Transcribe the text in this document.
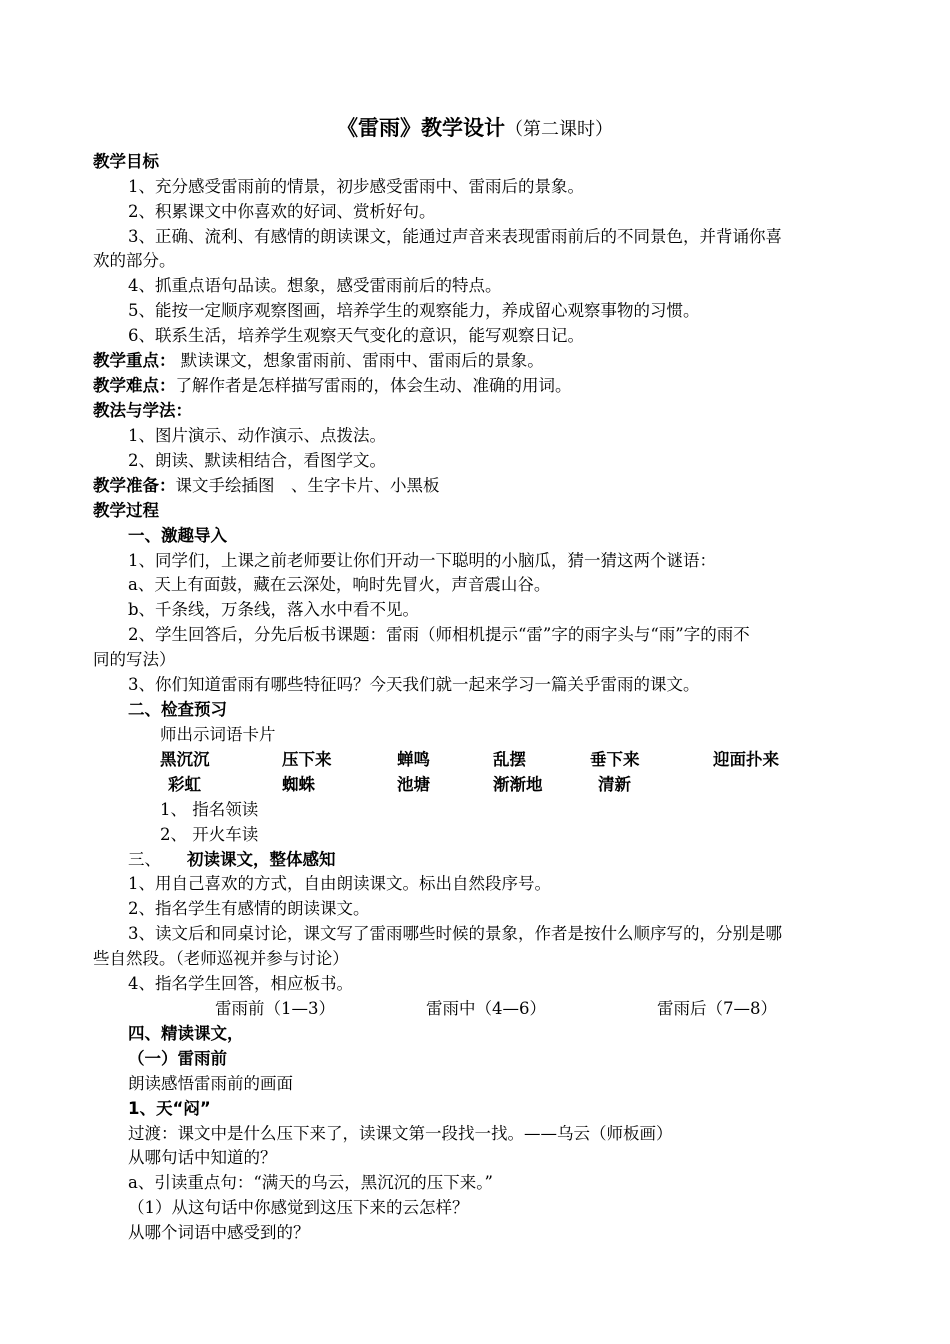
《雷雨》教学设计（第二课时）
教学目标
1、充分感受雷雨前的情景，初步感受雷雨中、雷雨后的景象。
2、积累课文中你喜欢的好词、赏析好句。
3、正确、流利、有感情的朗读课文，能通过声音来表现雷雨前后的不同景色，并背诵你喜
欢的部分。
4、抓重点语句品读。想象，感受雷雨前后的特点。
5、能按一定顺序观察图画，培养学生的观察能力，养成留心观察事物的习惯。
6、联系生活，培养学生观察天气变化的意识，能写观察日记。
教学重点： 默读课文，想象雷雨前、雷雨中、雷雨后的景象。
教学难点：了解作者是怎样描写雷雨的，体会生动、准确的用词。
教法与学法：
1、图片演示、动作演示、点拨法。
2、朗读、默读相结合，看图学文。
教学准备：课文手绘插图　、生字卡片、小黑板
教学过程
一、激趣导入
1、同学们，上课之前老师要让你们开动一下聪明的小脑瓜，猜一猜这两个谜语：
a、天上有面鼓，藏在云深处，响时先冒火，声音震山谷。
b、千条线，万条线，落入水中看不见。
2、学生回答后，分先后板书课题：雷雨（师相机提示“雷”字的雨字头与“雨”字的雨不
同的写法）
3、你们知道雷雨有哪些特征吗？今天我们就一起来学习一篇关乎雷雨的课文。
二、检查预习
师出示词语卡片
黑沉沉	压下来	蝉鸣	乱摆	垂下来	迎面扑来
彩虹	蜘蛛	池塘	渐渐地	清新
1、 指名领读
2、 开火车读
三、 初读课文，整体感知
1、用自己喜欢的方式，自由朗读课文。标出自然段序号。
2、指名学生有感情的朗读课文。
3、读文后和同桌讨论，课文写了雷雨哪些时候的景象，作者是按什么顺序写的，分别是哪
些自然段。（老师巡视并参与讨论）
4、指名学生回答，相应板书。
雷雨前（1—3）	雷雨中（4—6）	雷雨后（7—8）
四、精读课文，
（一）雷雨前
朗读感悟雷雨前的画面
1、天“闷”
过渡：课文中是什么压下来了，读课文第一段找一找。——乌云（师板画）
从哪句话中知道的？
a、引读重点句：“满天的乌云，黑沉沉的压下来。”
（1）从这句话中你感觉到这压下来的云怎样？
从哪个词语中感受到的？
